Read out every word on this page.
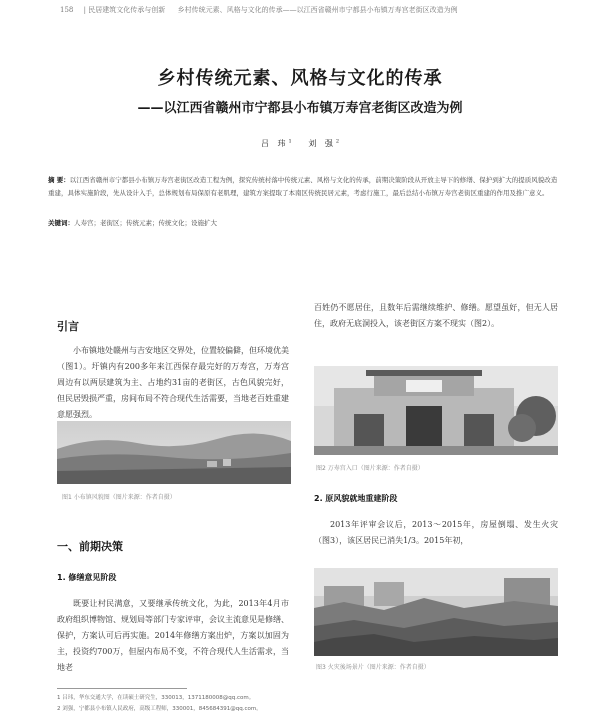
158 | 民居建筑文化传承与创新 乡村传统元素、风格与文化的传承——以江西省赣州市宁都县小布镇万寿宫老街区改造为例
乡村传统元素、风格与文化的传承
——以江西省赣州市宁都县小布镇万寿宫老街区改造为例
吕 玮$^1$ 刘 强$^2$
摘 要：以江西省赣州市宁都县小布镇万寿宫老街区改造工程为例，探究传统村落中传统元素、风格与文化的传承，前期决策阶段从开放主导下的修缮、保护到扩大的提质风貌改造重建，具体实施阶段，先从设计入手，总体规划布局保原有老肌理，建筑方案提取了本南区传统民居元素，考虑行施工，最后总结小布镇万寿宫老街区重建的作用及推广意义。
关键词：人寿宫；老街区；传统元素；传统文化；设施扩大
引言

小布镇地处赣州与吉安地区交界处，位置较偏僻，但环境优美（图1）。圩镇内有200多年来江西保存最完好的万寿宫，万寿宫周边有以两层建筑为主、占地约31亩的老街区，古色风貌完好，但民居毁损严重，房间布局不符合现代生活需要，当地老百姓重建意愿强烈。

图1 小布镇风貌图（图片来源：作者自摄）
一、前期决策
1. 修缮意见阶段

既要让村民满意，又要继承传统文化，为此，2013年4月市政府组织博物馆、规划局等部门专家评审，会议主流意见是修缮、保护，方案认可后再实施。2014年修缮方案出炉，方案以加固为主，投资约700万，但屋内布局不变，不符合现代人生活需求，当地老

百姓仍不愿居住，且数年后需继续维护、修缮。愿望虽好，但无人居住，政府无底洞投入，该老街区方案不现实（图2）。

图2 万寿宫入口（图片来源：作者自摄）
2. 原风貌就地重建阶段

2013年评审会议后，2013～2015年，房屋倒塌、发生火灾（图3），该区居民已消失1/3。2015年初，

图3 火灾後场景片（图片来源：作者自摄）
1 吕玮，华东交通大学，在读硕士研究生，330013，1371180008@qq.com。
2 刘强，宁都县小布镇人民政府，高级工程师，330001，845684391@qq.com。
